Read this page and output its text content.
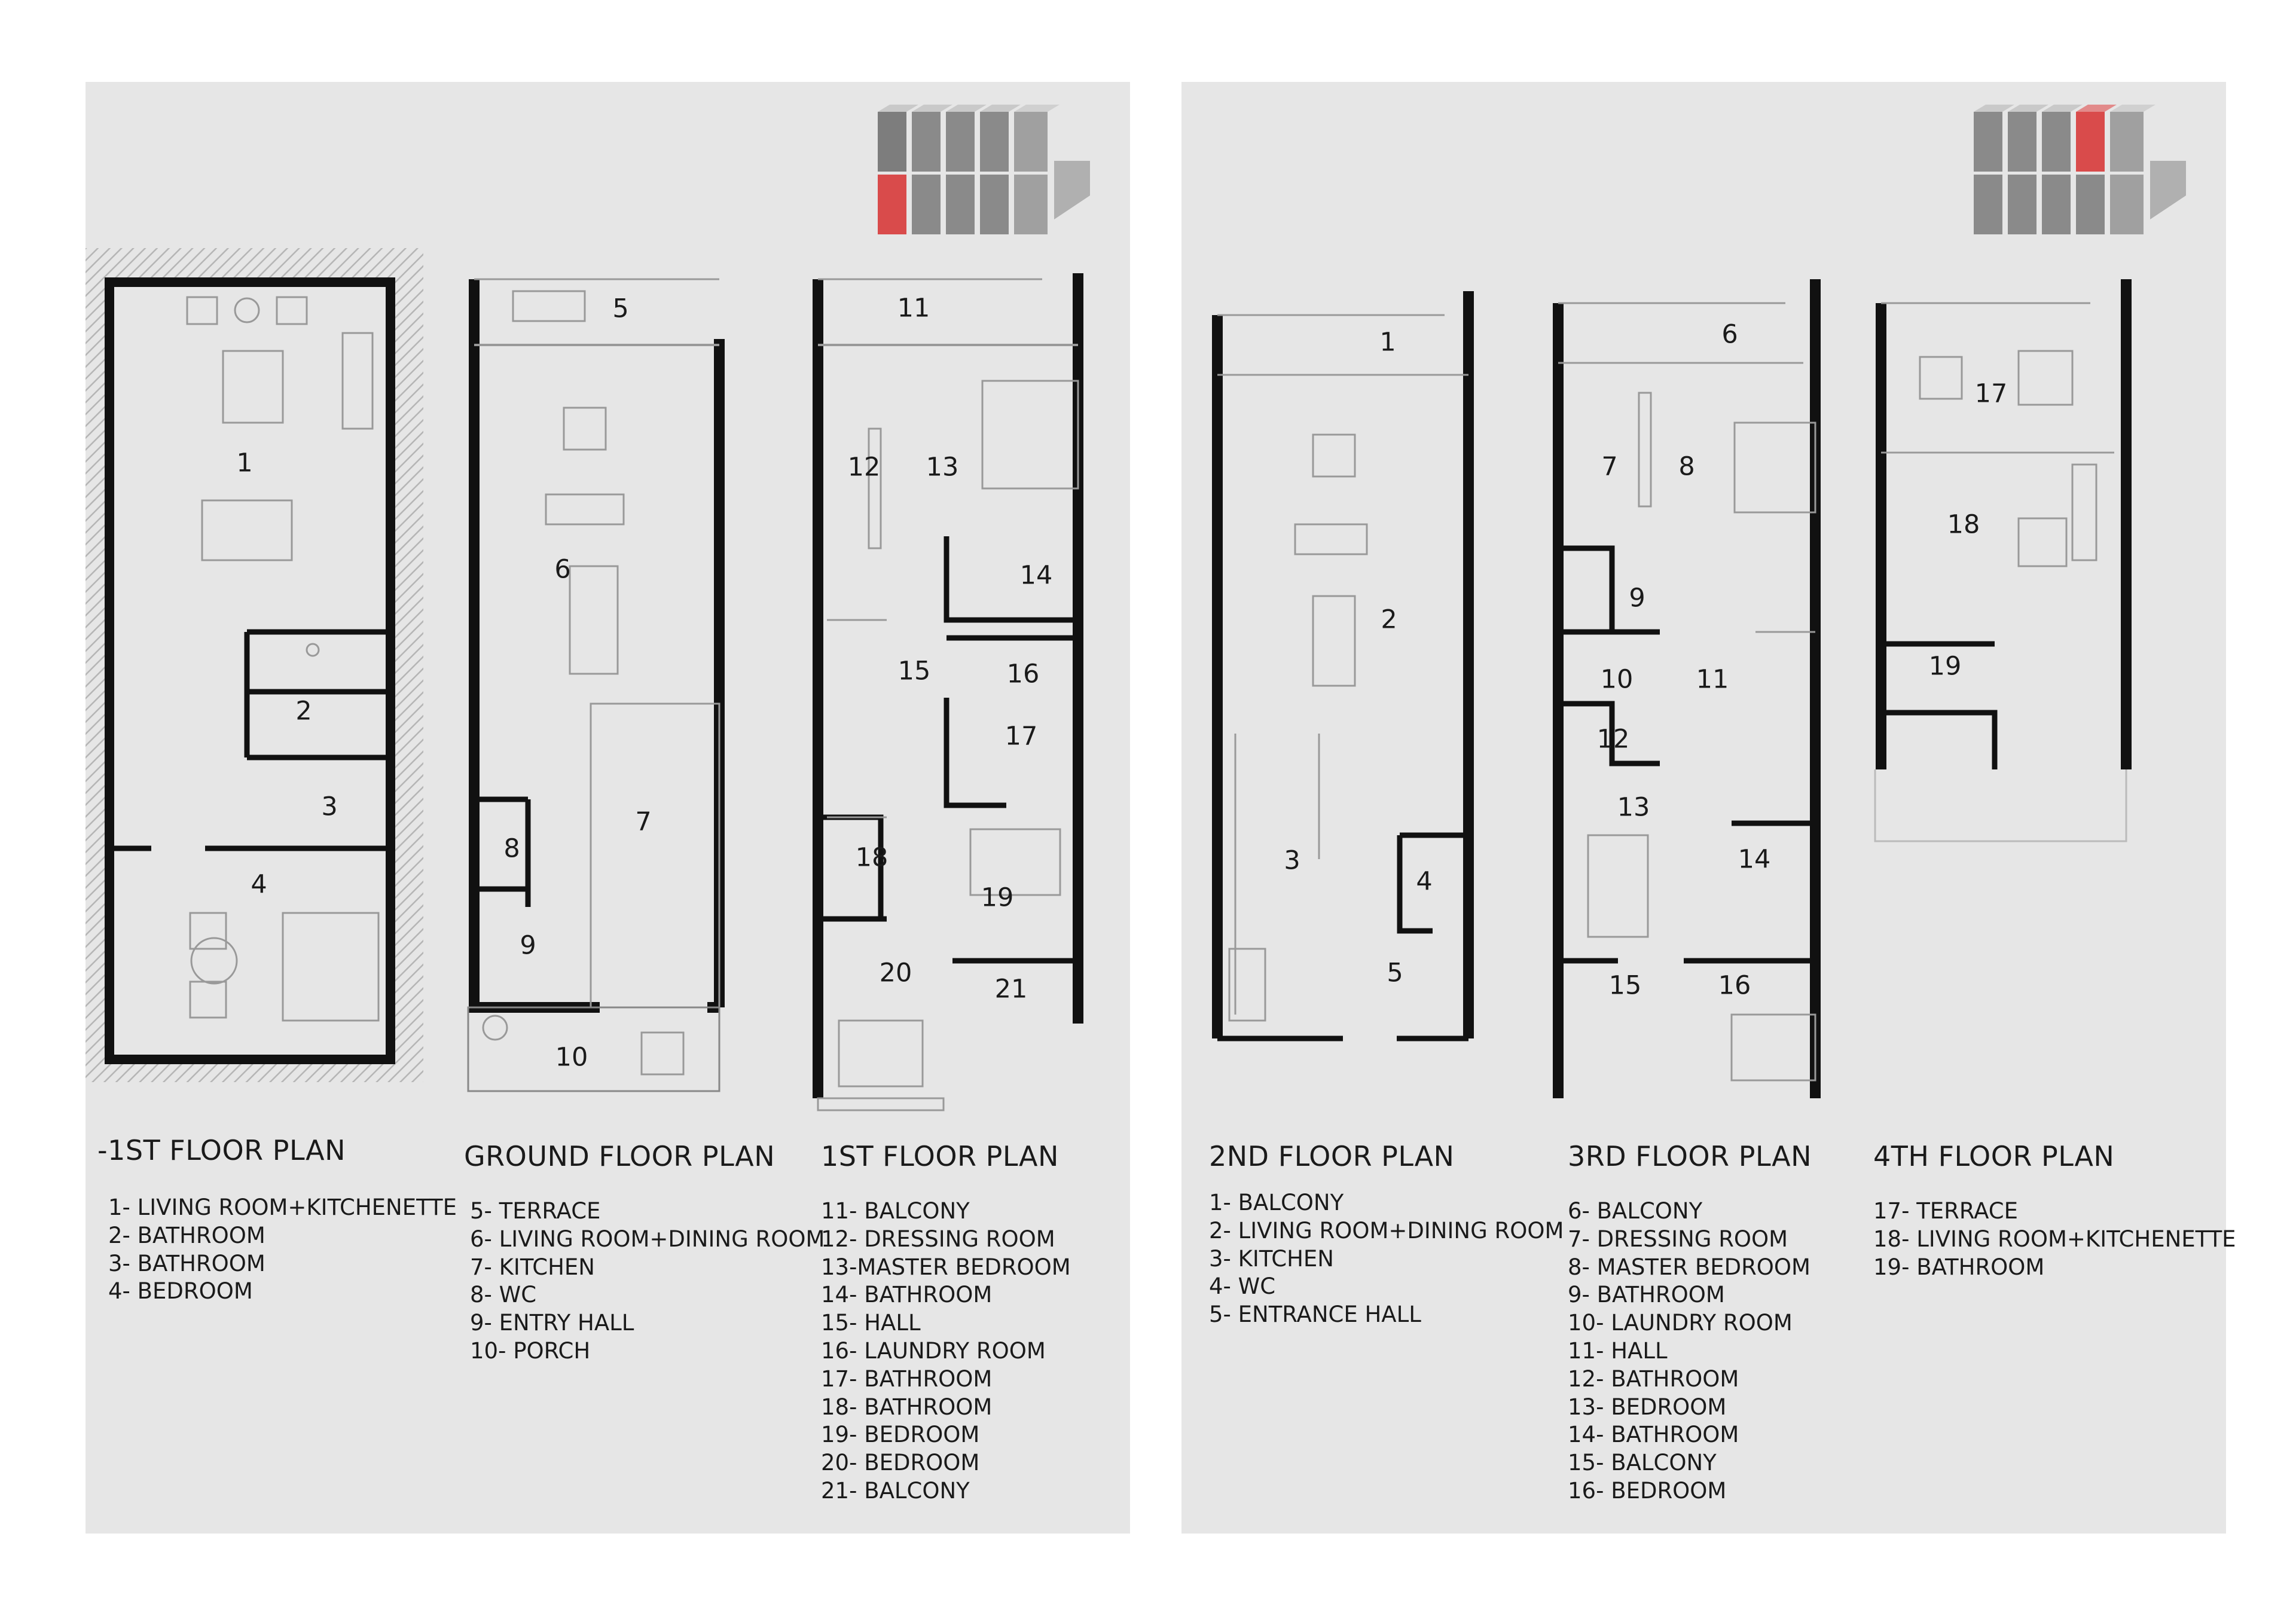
1
2
3
4
5
6
7
8
9
10
11
12 13
14
15	16
17
18
19
20
21
-1ST FLOOR PLAN
1- LIVING ROOM+KITCHENETTE
2- BATHROOM
3- BATHROOM
4- BEDROOM
GROUND FLOOR PLAN
5- TERRACE
6- LIVING ROOM+DINING ROOM
7- KITCHEN
8- WC
9- ENTRY HALL
10- PORCH
1ST FLOOR PLAN
11- BALCONY
12- DRESSING ROOM
13-MASTER BEDROOM
14- BATHROOM
15- HALL
16- LAUNDRY ROOM
17- BATHROOM
18- BATHROOM
19- BEDROOM
20- BEDROOM
21- BALCONY
1
2
3
4
5
6
7 8
9
10 11
12
13
14
15	16
17
18
19
2ND FLOOR PLAN
1- BALCONY
2- LIVING ROOM+DINING ROOM
3- KITCHEN
4- WC
5- ENTRANCE HALL
3RD FLOOR PLAN
6- BALCONY
7- DRESSING ROOM
8- MASTER BEDROOM
9- BATHROOM
10- LAUNDRY ROOM
11- HALL
12- BATHROOM
13- BEDROOM
14- BATHROOM
15- BALCONY
16- BEDROOM
4TH FLOOR PLAN
17- TERRACE
18- LIVING ROOM+KITCHENETTE
19- BATHROOM
